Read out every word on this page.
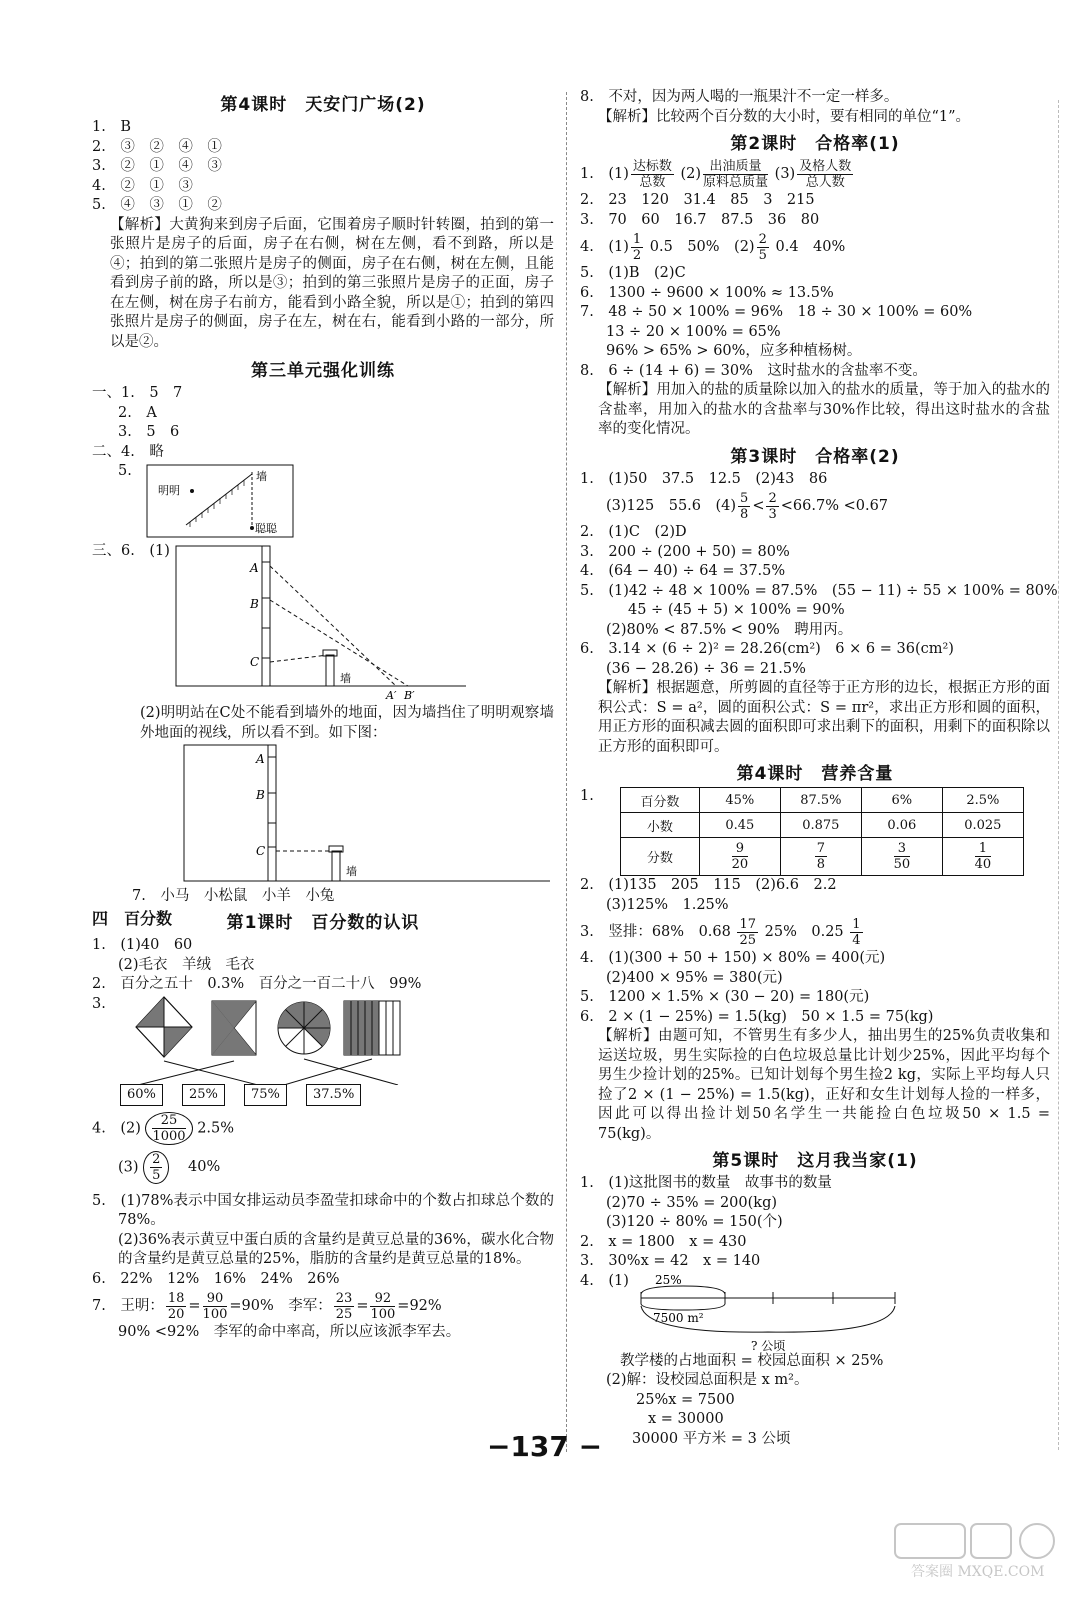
第4课时　天安门广场(2)
1.　B
2.　③　②　④　①
3.　②　①　④　③
4.　②　①　③
5.　④　③　①　②
【解析】大黄狗来到房子后面，它围着房子顺时针转圈，拍到的第一张照片是房子的后面，房子在右侧，树在左侧，看不到路，所以是④；拍到的第二张照片是房子的侧面，房子在右侧，树在左侧，且能看到房子前的路，所以是③；拍到的第三张照片是房子的正面，房子在左侧，树在房子右前方，能看到小路全貌，所以是①；拍到的第四张照片是房子的侧面，房子在左，树在右，能看到小路的一部分，所以是②。
第三单元强化训练
一、1.　5　7
2.　A
3.　5　6
二、4.　略
5.
明明
墙
聪聪
三、6.　(1)
A
B
C
墙
A′ B′
(2)明明站在C处不能看到墙外的地面，因为墙挡住了明明观察墙外地面的视线，所以看不到。如下图：
A
B
C
墙
7.　小马　小松鼠　小羊　小兔
四　百分数	第1课时　百分数的认识
1.　(1)40　60
(2)毛衣　羊绒　毛衣
2.　百分之五十　0.3%　百分之一百二十八　99%
3.
60%	25%	75%	37.5%
4.　$(2) \frac{25}{1000} 2.5\%$
$(3) \frac{2}{5} 40\%$
5.　(1)78%表示中国女排运动员李盈莹扣球命中的个数占扣球总个数的78%。
(2)36%表示黄豆中蛋白质的含量约是黄豆总量的36%，碳水化合物的含量约是黄豆总量的25%，脂肪的含量约是黄豆总量的18%。
6.　22%　12%　16%　24%　26%
7.　王明： $\frac{18}{20} = \frac{90}{100} =90\%$　李军： $\frac{23}{25} = \frac{92}{100} =92\%$
90% <92%　李军的命中率高，所以应该派李军去。
8.　不对，因为两人喝的一瓶果汁不一定一样多。
【解析】比较两个百分数的大小时，要有相同的单位“1”。
第2课时　合格率(1)
1.　$(1) \frac{\text{达标数}}{\text{总数}} (2) \frac{\text{出油质量}}{\text{原料总质量}} (3) \frac{\text{及格人数}}{\text{总人数}}$
2.　23　120　31.4　85　3　215
3.　70　60　16.7　87.5　36　80
4.　$(1) \frac{1}{2} 0.5$　50%　$(2) \frac{2}{5} 0.4$　40%
5.　(1)B　(2)C
6.　1300 ÷ 9600 × 100% ≈ 13.5%
7.　48 ÷ 50 × 100% = 96%　18 ÷ 30 × 100% = 60%
13 ÷ 20 × 100% = 65%
96% > 65% > 60%，应多种植杨树。
8.　6 ÷ (14 + 6) = 30%　这时盐水的含盐率不变。
【解析】用加入的盐的质量除以加入的盐水的质量，等于加入的盐水的含盐率，用加入的盐水的含盐率与30%作比较，得出这时盐水的含盐率的变化情况。
第3课时　合格率(2)
1.　(1)50　37.5　12.5　(2)43　86
(3)125　55.6　$(4) \frac{5}{8} < \frac{2}{3} <66.7\% <0.67$
2.　(1)C　(2)D
3.　200 ÷ (200 + 50) = 80%
4.　(64 − 40) ÷ 64 = 37.5%
5.　(1)42 ÷ 48 × 100% = 87.5%　(55 − 11) ÷ 55 × 100% = 80%
45 ÷ (45 + 5) × 100% = 90%
(2)80% < 87.5% < 90%　聘用丙。
6.　3.14 × (6 ÷ 2)² = 28.26(cm²)　6 × 6 = 36(cm²)
(36 − 28.26) ÷ 36 = 21.5%
【解析】根据题意，所剪圆的直径等于正方形的边长，根据正方形的面积公式：S = a²，圆的面积公式：S = πr²，求出正方形和圆的面积，用正方形的面积减去圆的面积即可求出剩下的面积，用剩下的面积除以正方形的面积即可。
第4课时　营养含量
1.	百分数	45%	87.5%	6%	2.5%
小数	0.45	0.875	0.06	0.025
分数	$\frac{9}{20}$	$\frac{7}{8}$	$\frac{3}{50}$	$\frac{1}{40}$
2.　(1)135　205　115　(2)6.6　2.2
(3)125%　1.25%
3.　竖排：68%　$0.68 \frac{17}{25} 25\%$　$0.25 \frac{1}{4}$
4.　(1)(300 + 50 + 150) × 80% = 400(元)
(2)400 × 95% = 380(元)
5.　1200 × 1.5% × (30 − 20) = 180(元)
6.　2 × (1 − 25%) = 1.5(kg)　50 × 1.5 = 75(kg)
【解析】由题可知，不管男生有多少人，抽出男生的25%负责收集和运送垃圾，男生实际捡的白色垃圾总量比计划少25%，因此平均每个男生少捡计划的25%。已知计划每个男生捡2 kg，实际上平均每人只捡了2 × (1 − 25%) = 1.5(kg)，正好和女生计划每人捡的一样多，因此可以得出捡计划50名学生一共能捡白色垃圾50 × 1.5 = 75(kg)。
第5课时　这月我当家(1)
1.　(1)这批图书的数量　故事书的数量
(2)70 ÷ 35% = 200(kg)
(3)120 ÷ 80% = 150(个)
2.　x = 1800　x = 430
3.　30%x = 42　x = 140
4.　(1) 25%
7500 m²
? 公顷
教学楼的占地面积 = 校园总面积 × 25%
(2)解：设校园总面积是 x m²。
25%x = 7500
x = 30000
30000 平方米 = 3 公顷
−137 −
答案圈 MXQE.COM
